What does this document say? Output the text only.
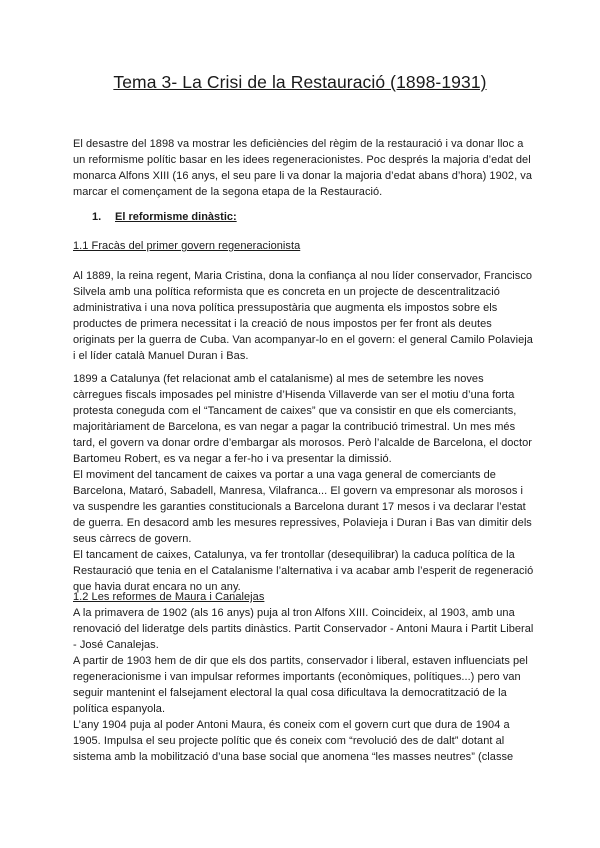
Tema 3- La Crisi de la Restauració (1898-1931)

El desastre del 1898 va mostrar les deficiències del règim de la restauració i va donar lloc a un reformisme polític basar en les idees regeneracionistes. Poc després la majoria d’edat del monarca Alfons XIII (16 anys, el seu pare li va donar la majoria d’edat abans d’hora) 1902, va marcar el començament de la segona etapa de la Restauració.

1. El reformisme dinàstic:

1.1 Fracàs del primer govern regeneracionista

Al 1889, la reina regent, Maria Cristina, dona la confiança al nou líder conservador, Francisco Silvela amb una política reformista que es concreta en un projecte de descentralització administrativa i una nova política pressupostària que augmenta els impostos sobre els productes de primera necessitat i la creació de nous impostos per fer front als deutes originats per la guerra de Cuba. Van acompanyar-lo en el govern: el general Camilo Polavieja i el líder català Manuel Duran i Bas.

1899 a Catalunya (fet relacionat amb el catalanisme) al mes de setembre les noves càrregues fiscals imposades pel ministre d’Hisenda Villaverde van ser el motiu d’una forta protesta coneguda com el “Tancament de caixes” que va consistir en que els comerciants, majoritàriament de Barcelona, es van negar a pagar la contribució trimestral. Un mes més tard, el govern va donar ordre d’embargar als morosos. Però l’alcalde de Barcelona, el doctor Bartomeu Robert, es va negar a fer-ho i va presentar la dimissió.

El moviment del tancament de caixes va portar a una vaga general de comerciants de Barcelona, Mataró, Sabadell, Manresa, Vilafranca... El govern va empresonar als morosos i va suspendre les garanties constitucionals a Barcelona durant 17 mesos i va declarar l’estat de guerra. En desacord amb les mesures repressives, Polavieja i Duran i Bas van dimitir dels seus càrrecs de govern.

El tancament de caixes, Catalunya, va fer trontollar (desequilibrar) la caduca política de la Restauració que tenia en el Catalanisme l’alternativa i va acabar amb l’esperit de regeneració que havia durat encara no un any.

1.2 Les reformes de Maura i Canalejas

A la primavera de 1902 (als 16 anys) puja al tron Alfons XIII. Coincideix, al 1903, amb una renovació del lideratge dels partits dinàstics. Partit Conservador - Antoni Maura i Partit Liberal - José Canalejas.

A partir de 1903 hem de dir que els dos partits, conservador i liberal, estaven influenciats pel regeneracionisme i van impulsar reformes importants (econòmiques, polítiques...) pero van seguir mantenint el falsejament electoral la qual cosa dificultava la democratització de la política espanyola.

L’any 1904 puja al poder Antoni Maura, és coneix com el govern curt que dura de 1904 a 1905. Impulsa el seu projecte polític que és coneix com “revolució des de dalt” dotant al sistema amb la mobilització d’una base social que anomena “les masses neutres” (classe
